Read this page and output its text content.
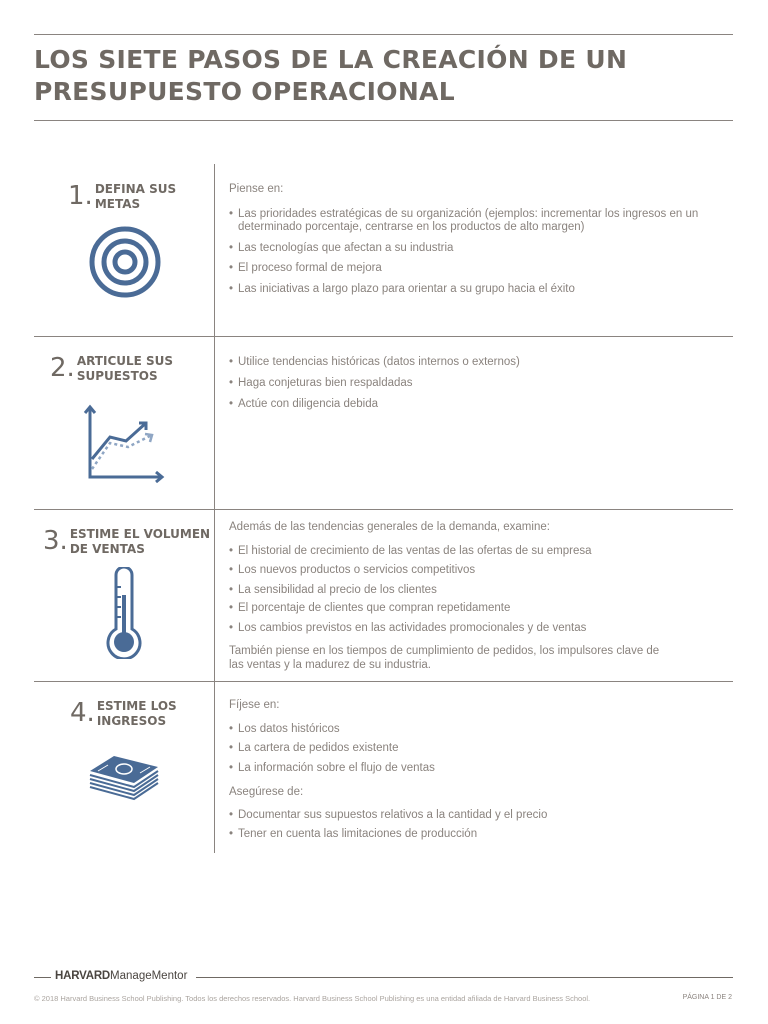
LOS SIETE PASOS DE LA CREACIÓN DE UN PRESUPUESTO OPERACIONAL
1. DEFINA SUS
METAS

Piense en:

• Las prioridades estratégicas de su organización (ejemplos: incrementar los ingresos en un determinado porcentaje, centrarse en los productos de alto margen)
• Las tecnologías que afectan a su industria
• El proceso formal de mejora
• Las iniciativas a largo plazo para orientar a su grupo hacia el éxito
2. ARTICULE SUS
SUPUESTOS
• Utilice tendencias históricas (datos internos o externos)
• Haga conjeturas bien respaldadas
• Actúe con diligencia debida
3. ESTIME EL VOLUMEN
DE VENTAS

Además de las tendencias generales de la demanda, examine:

• El historial de crecimiento de las ventas de las ofertas de su empresa
• Los nuevos productos o servicios competitivos
• La sensibilidad al precio de los clientes
• El porcentaje de clientes que compran repetidamente
• Los cambios previstos en las actividades promocionales y de ventas

También piense en los tiempos de cumplimiento de pedidos, los impulsores clave de las ventas y la madurez de su industria.

4. ESTIME LOS
INGRESOS

Fíjese en:

• Los datos históricos
• La cartera de pedidos existente
• La información sobre el flujo de ventas

Asegúrese de:

• Documentar sus supuestos relativos a la cantidad y el precio
• Tener en cuenta las limitaciones de producción
HARVARDManageMentor
© 2018 Harvard Business School Publishing. Todos los derechos reservados. Harvard Business School Publishing es una entidad afiliada de Harvard Business School.	PÁGINA 1 DE 2
